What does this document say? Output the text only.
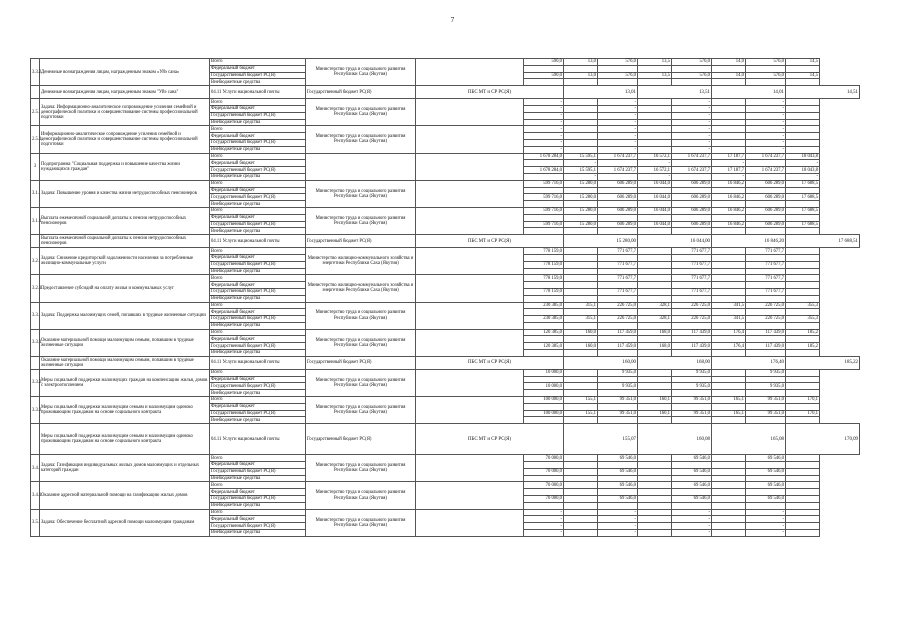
7
3.3.2.	Денежные вознаграждения лицам, награжденным знаком «Уйэ сана»	Всего	Министерство труда и социального развития Республики Саха (Якутия)		590,0	13,0	576,0	13,5	576,0	14,0	576,0	14,5
		Федеральный бюджет										
		Государственный бюджет РС(Я)			590,0	13,0	576,0	13,5	576,0	14,0	576,0	14,5
		Внебюджетные средства										
	Денежные вознаграждения лицам, награжденным знаком "Уйэ сана"	04.11 Услуги национальной почты	Государственный бюджет РС(Я)	ПБС МТ и СР РС(Я)		13,01		13,51		14,01		14,51
2.5.	Задача: Информационно-аналитическое сопровождение усиления семейной и демографической политики и совершенствование системы профессиональной подготовки	Всего	Министерство труда и социального развития Республики Саха (Якутия)		-		-		-		-	
		Федеральный бюджет			-		-		-		-	
		Государственный бюджет РС(Я)			-		-		-		-	
		Внебюджетные средства			-		-		-		-	
2.5.1.	Информационно-аналитическое сопровождение усиления семейной и демографической политики и совершенствование системы профессиональной подготовки	Всего	Министерство труда и социального развития Республики Саха (Якутия)		-		-		-		-	
		Федеральный бюджет			-		-		-		-	
		Государственный бюджет РС(Я)			-		-		-		-	
		Внебюджетные средства			-		-		-		-	
3	Подпрограмма "Социальная поддержка и повышение качества жизни нуждающихся граждан"	Всего			1 678 284,0	15 595,1	1 674 237,7	16 572,1	1 674 237,7	17 187,7	1 674 237,7	18 043,8
		Федеральный бюджет				-		-		-		-
		Государственный бюджет РС(Я)			1 678 284,0	15 595,1	1 674 237,7	16 572,1	1 674 237,7	17 187,7	1 674 237,7	18 043,8
		Внебюджетные средства				-		-		-		-
3.1.	Задача: Повышение уровня и качества жизни нетрудоспособных пенсионеров	Всего	Министерство труда и социального развития Республики Саха (Якутия)		599 716,0	15 280,0	606 289,0	16 044,0	606 289,0	16 846,2	606 289,0	17 688,5
		Федеральный бюджет										
		Государственный бюджет РС(Я)			599 716,0	15 280,0	606 289,0	16 044,0	606 289,0	16 846,2	606 289,0	17 688,5
		Внебюджетные средства										
3.1.1.	Выплата ежемесячной социальной доплаты к пенсии нетрудоспособных пенсионеров	Всего	Министерство труда и социального развития Республики Саха (Якутия)		599 716,0	15 280,0	606 289,0	16 044,0	606 289,0	16 846,2	606 289,0	17 688,5
		Федеральный бюджет										
		Государственный бюджет РС(Я)			599 716,0	15 280,0	606 289,0	16 044,0	606 289,0	16 846,2	606 289,0	17 688,5
		Внебюджетные средства										
	Выплата ежемесячной социальной доплаты к пенсии нетрудоспособных пенсионеров	04.11 Услуги национальной почты	Государственный бюджет РС(Я)	ПБС МТ и СР РС(Я)		15 280,00		16 044,00		16 846,20		17 688,51
3.2.	Задача: Снижение кредиторской задолженности населения за потребленные жилищно-коммунальные услуги	Всего	Министерство жилищно-коммунального хозяйства и энергетики Республики Саха (Якутия)		778 159,0		771 677,7		771 677,7		771 677,7	
		Федеральный бюджет										
		Государственный бюджет РС(Я)			778 159,0		771 677,7		771 677,7		771 677,7	
		Внебюджетные средства										
3.2.1.	Предоставление субсидий на оплату жилья и коммунальных услуг	Всего	Министерство жилищно-коммунального хозяйства и энергетики Республики Саха (Якутия)		778 159,0		771 677,7		771 677,7		771 677,7	
		Федеральный бюджет										
		Государственный бюджет РС(Я)			778 159,0		771 677,7		771 677,7		771 677,7	
		Внебюджетные средства										
3.3.	Задача: Поддержка малоимущих семей, попавших в трудные жизненные ситуации	Всего	Министерство труда и социального развития Республики Саха (Якутия)		230 385,0	315,1	226 725,0	328,1	226 725,0	341,5	226 725,0	355,3
		Федеральный бюджет										
		Государственный бюджет РС(Я)			230 385,0	315,1	226 725,0	328,1	226 725,0	341,5	226 725,0	355,3
		Внебюджетные средства										
3.3.1.	Оказание материальной помощи малоимущим семьям, попавшим в трудные жизненные ситуации	Всего	Министерство труда и социального развития Республики Саха (Якутия)		120 385,0	160,0	117 459,0	168,0	117 439,0	176,4	117 439,0	185,2
		Федеральный бюджет										
		Государственный бюджет РС(Я)			120 385,0	160,0	117 459,0	168,0	117 439,0	176,4	117 439,0	185,2
		Внебюджетные средства										
	Оказание материальной помощи малоимущим семьям, попавшим в трудные жизненные ситуации	04.11 Услуги национальной почты	Государственный бюджет РС(Я)	ПБС МТ и СР РС(Я)		160,00		168,00		176,40		185,22
3.3.2.	Меры социальной поддержки малоимущих граждан на компенсацию жилья, домов с электроотоплением	Всего	Министерство труда и социального развития Республики Саха (Якутия)		10 000,0		9 935,0		9 935,0		9 935,0	
		Федеральный бюджет										
		Государственный бюджет РС(Я)			10 000,0		9 935,0		9 935,0		9 935,0	
		Внебюджетные средства										
3.3.3.	Меры социальной поддержки малоимущим семьям и малоимущим одиноко проживающим гражданам на основе социального контракта	Всего	Министерство труда и социального развития Республики Саха (Якутия)		100 000,0	155,1	99 351,0	160,1	99 351,0	165,1	99 351,0	170,1
		Федеральный бюджет										
		Государственный бюджет РС(Я)			100 000,0	155,1	99 351,0	160,1	99 351,0	165,1	99 351,0	170,1
		Внебюджетные средства										
	Меры социальной поддержки малоимущим семьям и малоимущим одиноко проживающим гражданам на основе социального контракта	04.11 Услуги национальной почты	Государственный бюджет РС(Я)	ПБС МТ и СР РС(Я)		155,07		160,08		165,08		170,09
3.4.	Задача: Газификация индивидуальных жилых домов малоимущих и отдельных категорий граждан	Всего	Министерство труда и социального развития Республики Саха (Якутия)		70 000,0		69 546,0		69 546,0		69 546,0	
		Федеральный бюджет										
		Государственный бюджет РС(Я)			70 000,0		69 546,0		69 546,0		69 546,0	
		Внебюджетные средства										
3.4.1.	Оказание адресной материальной помощи на газификацию жилых домов	Всего	Министерство труда и социального развития Республики Саха (Якутия)		70 000,0		69 546,0		69 546,0		69 546,0	
		Федеральный бюджет										
		Государственный бюджет РС(Я)			70 000,0		69 546,0		69 546,0		69 546,0	
		Внебюджетные средства										
3.5.	Задача: Обеспечение бесплатной адресной помощи малоимущим гражданам	Всего	Министерство труда и социального развития Республики Саха (Якутия)		-		-		-		-	
		Федеральный бюджет			-		-		-		-	
		Государственный бюджет РС(Я)			-		-		-		-	
		Внебюджетные средства			-		-		-		-	
